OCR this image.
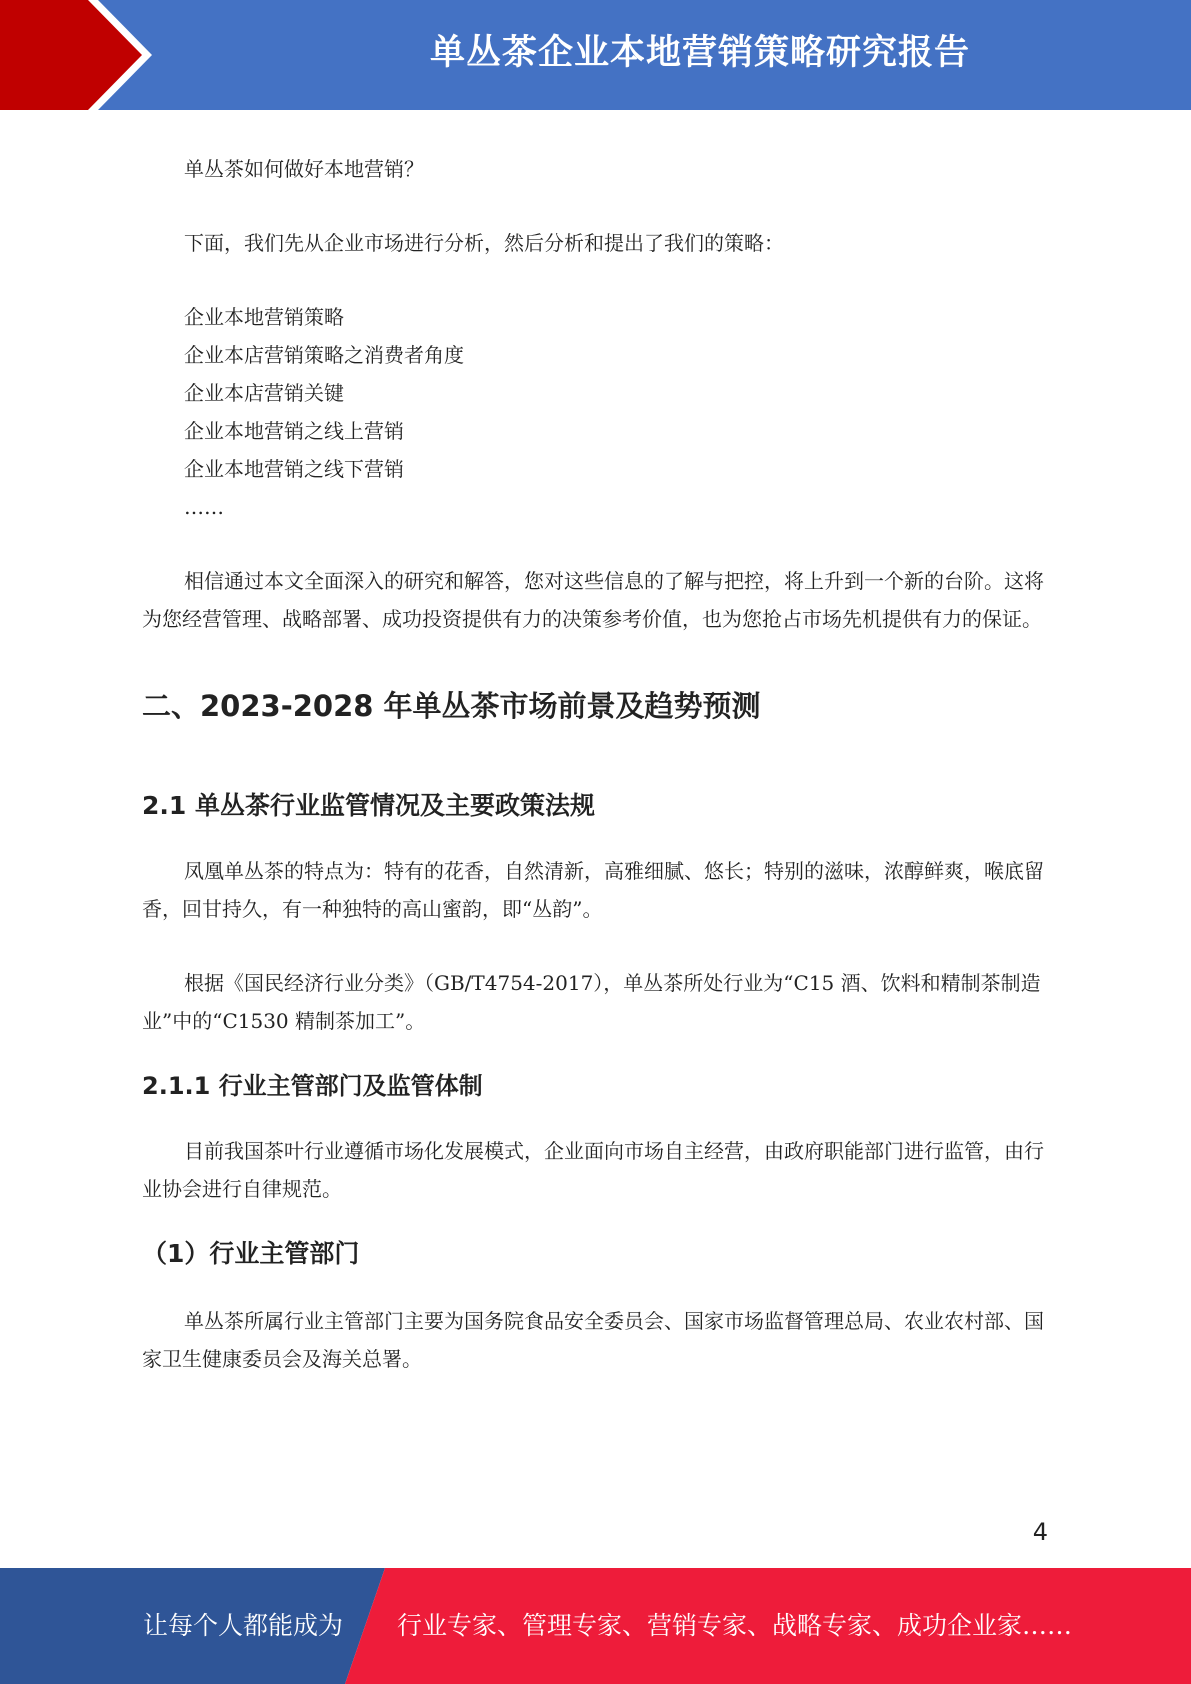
单丛茶企业本地营销策略研究报告

单丛茶如何做好本地营销？

下面，我们先从企业市场进行分析，然后分析和提出了我们的策略：

企业本地营销策略

企业本店营销策略之消费者角度

企业本店营销关键

企业本地营销之线上营销

企业本地营销之线下营销

……

相信通过本文全面深入的研究和解答，您对这些信息的了解与把控，将上升到一个新的台阶。这将为您经营管理、战略部署、成功投资提供有力的决策参考价值，也为您抢占市场先机提供有力的保证。

二、2023-2028 年单丛茶市场前景及趋势预测
2.1 单丛茶行业监管情况及主要政策法规

凤凰单丛茶的特点为：特有的花香，自然清新，高雅细腻、悠长；特别的滋味，浓醇鲜爽，喉底留香，回甘持久，有一种独特的高山蜜韵，即“丛韵”。

根据《国民经济行业分类》（GB/T4754-2017），单丛茶所处行业为“C15 酒、饮料和精制茶制造业”中的“C1530 精制茶加工”。

2.1.1 行业主管部门及监管体制

目前我国茶叶行业遵循市场化发展模式，企业面向市场自主经营，由政府职能部门进行监管，由行业协会进行自律规范。

（1）行业主管部门

单丛茶所属行业主管部门主要为国务院食品安全委员会、国家市场监督管理总局、农业农村部、国家卫生健康委员会及海关总署。

4
让每个人都能成为 行业专家、管理专家、营销专家、战略专家、成功企业家……
